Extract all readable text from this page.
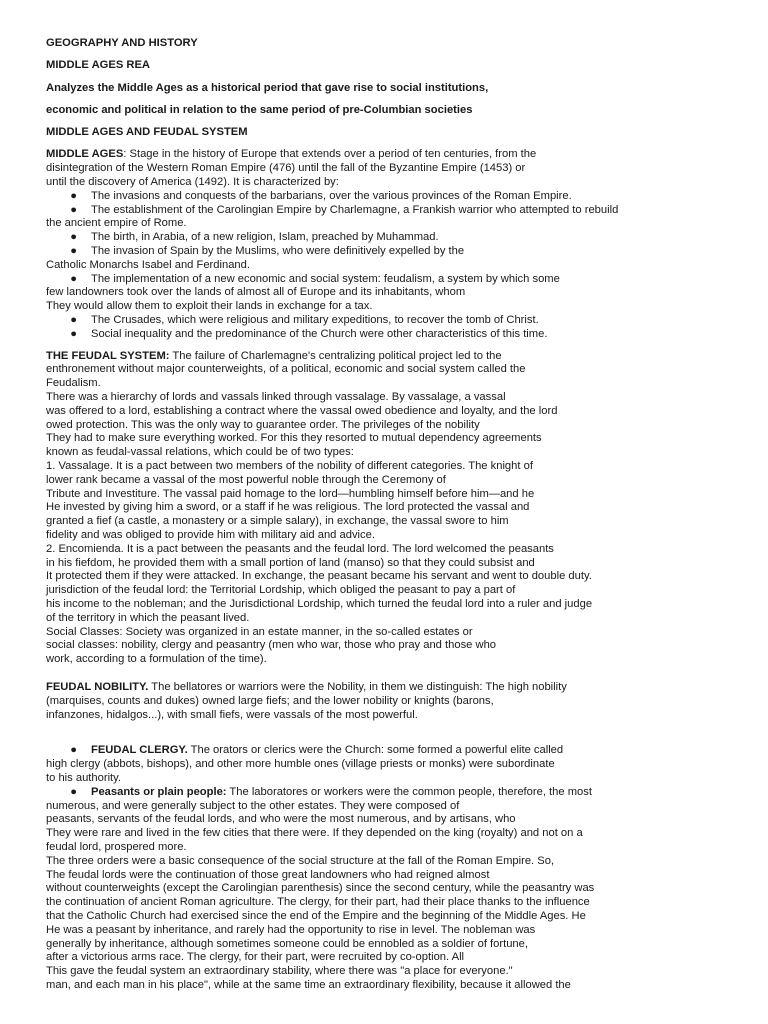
GEOGRAPHY AND HISTORY
MIDDLE AGES REA
Analyzes the Middle Ages as a historical period that gave rise to social institutions,
economic and political in relation to the same period of pre-Columbian societies
MIDDLE AGES AND FEUDAL SYSTEM
MIDDLE AGES: Stage in the history of Europe that extends over a period of ten centuries, from the
disintegration of the Western Roman Empire (476) until the fall of the Byzantine Empire (1453) or
until the discovery of America (1492). It is characterized by:
●	The invasions and conquests of the barbarians, over the various provinces of the Roman Empire.
●	The establishment of the Carolingian Empire by Charlemagne, a Frankish warrior who attempted to rebuild
the ancient empire of Rome.
●	The birth, in Arabia, of a new religion, Islam, preached by Muhammad.
●	The invasion of Spain by the Muslims, who were definitively expelled by the
Catholic Monarchs Isabel and Ferdinand.
●	The implementation of a new economic and social system: feudalism, a system by which some
few landowners took over the lands of almost all of Europe and its inhabitants, whom
They would allow them to exploit their lands in exchange for a tax.
●	The Crusades, which were religious and military expeditions, to recover the tomb of Christ.
●	Social inequality and the predominance of the Church were other characteristics of this time.
THE FEUDAL SYSTEM: The failure of Charlemagne's centralizing political project led to the
enthronement without major counterweights, of a political, economic and social system called the
Feudalism.
There was a hierarchy of lords and vassals linked through vassalage. By vassalage, a vassal
was offered to a lord, establishing a contract where the vassal owed obedience and loyalty, and the lord
owed protection. This was the only way to guarantee order. The privileges of the nobility
They had to make sure everything worked. For this they resorted to mutual dependency agreements
known as feudal-vassal relations, which could be of two types:
1. Vassalage. It is a pact between two members of the nobility of different categories. The knight of
lower rank became a vassal of the most powerful noble through the Ceremony of
Tribute and Investiture. The vassal paid homage to the lord—humbling himself before him—and he
He invested by giving him a sword, or a staff if he was religious. The lord protected the vassal and
granted a fief (a castle, a monastery or a simple salary), in exchange, the vassal swore to him
fidelity and was obliged to provide him with military aid and advice.
2. Encomienda. It is a pact between the peasants and the feudal lord. The lord welcomed the peasants
in his fiefdom, he provided them with a small portion of land (manso) so that they could subsist and
It protected them if they were attacked. In exchange, the peasant became his servant and went to double duty.
jurisdiction of the feudal lord: the Territorial Lordship, which obliged the peasant to pay a part of
his income to the nobleman; and the Jurisdictional Lordship, which turned the feudal lord into a ruler and judge
of the territory in which the peasant lived.
Social Classes: Society was organized in an estate manner, in the so-called estates or
social classes: nobility, clergy and peasantry (men who war, those who pray and those who
work, according to a formulation of the time).
FEUDAL NOBILITY. The bellatores or warriors were the Nobility, in them we distinguish: The high nobility
(marquises, counts and dukes) owned large fiefs; and the lower nobility or knights (barons,
infanzones, hidalgos...), with small fiefs, were vassals of the most powerful.
●	FEUDAL CLERGY. The orators or clerics were the Church: some formed a powerful elite called
high clergy (abbots, bishops), and other more humble ones (village priests or monks) were subordinate
to his authority.
●	Peasants or plain people: The laboratores or workers were the common people, therefore, the most
numerous, and were generally subject to the other estates. They were composed of
peasants, servants of the feudal lords, and who were the most numerous, and by artisans, who
They were rare and lived in the few cities that there were. If they depended on the king (royalty) and not on a
feudal lord, prospered more.
The three orders were a basic consequence of the social structure at the fall of the Roman Empire. So,
The feudal lords were the continuation of those great landowners who had reigned almost
without counterweights (except the Carolingian parenthesis) since the second century, while the peasantry was
the continuation of ancient Roman agriculture. The clergy, for their part, had their place thanks to the influence
that the Catholic Church had exercised since the end of the Empire and the beginning of the Middle Ages. He
He was a peasant by inheritance, and rarely had the opportunity to rise in level. The nobleman was
generally by inheritance, although sometimes someone could be ennobled as a soldier of fortune,
after a victorious arms race. The clergy, for their part, were recruited by co-option. All
This gave the feudal system an extraordinary stability, where there was "a place for everyone."
man, and each man in his place", while at the same time an extraordinary flexibility, because it allowed the
